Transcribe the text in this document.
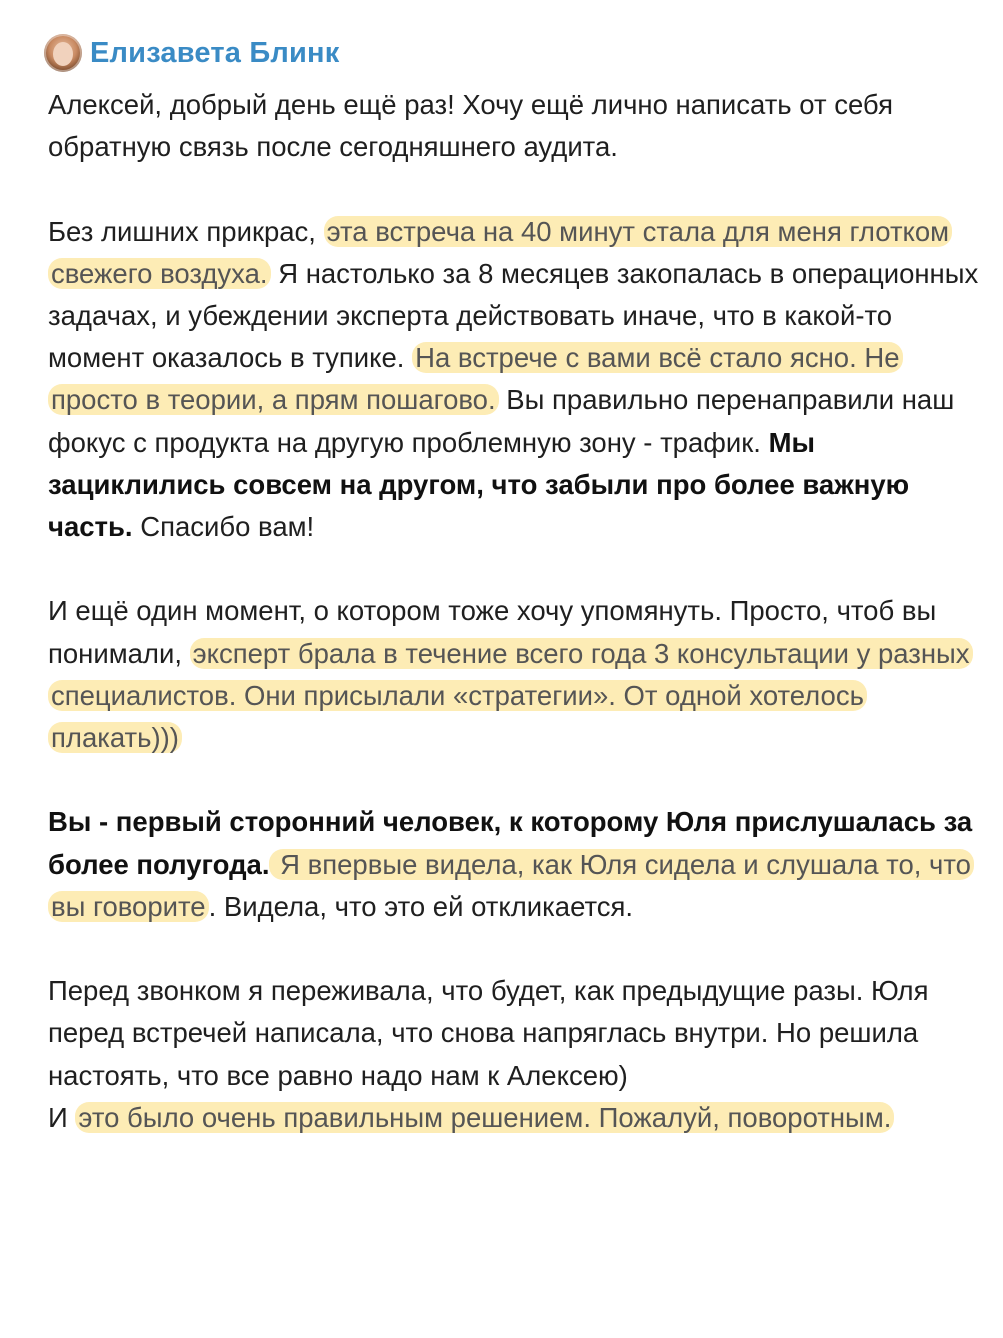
Елизавета Блинк

Алексей, добрый день ещё раз! Хочу ещё лично написать от себя обратную связь после сегодняшнего аудита.

Без лишних прикрас, эта встреча на 40 минут стала для меня глотком свежего воздуха. Я настолько за 8 месяцев закопалась в операционных задачах, и убеждении эксперта действовать иначе, что в какой-то момент оказалось в тупике. На встрече с вами всё стало ясно. Не просто в теории, а прям пошагово. Вы правильно перенаправили наш фокус с продукта на другую проблемную зону - трафик. Мы зациклились совсем на другом, что забыли про более важную часть. Спасибо вам!

И ещё один момент, о котором тоже хочу упомянуть. Просто, чтоб вы понимали, эксперт брала в течение всего года 3 консультации у разных специалистов. Они присылали «стратегии». От одной хотелось плакать)))

Вы - первый сторонний человек, к которому Юля прислушалась за более полугода. Я впервые видела, как Юля сидела и слушала то, что вы говорите . Видела, что это ей откликается.

Перед звонком я переживала, что будет, как предыдущие разы. Юля перед встречей написала, что снова напряглась внутри. Но решила настоять, что все равно надо нам к Алексею)

И это было очень правильным решением. Пожалуй, поворотным.
